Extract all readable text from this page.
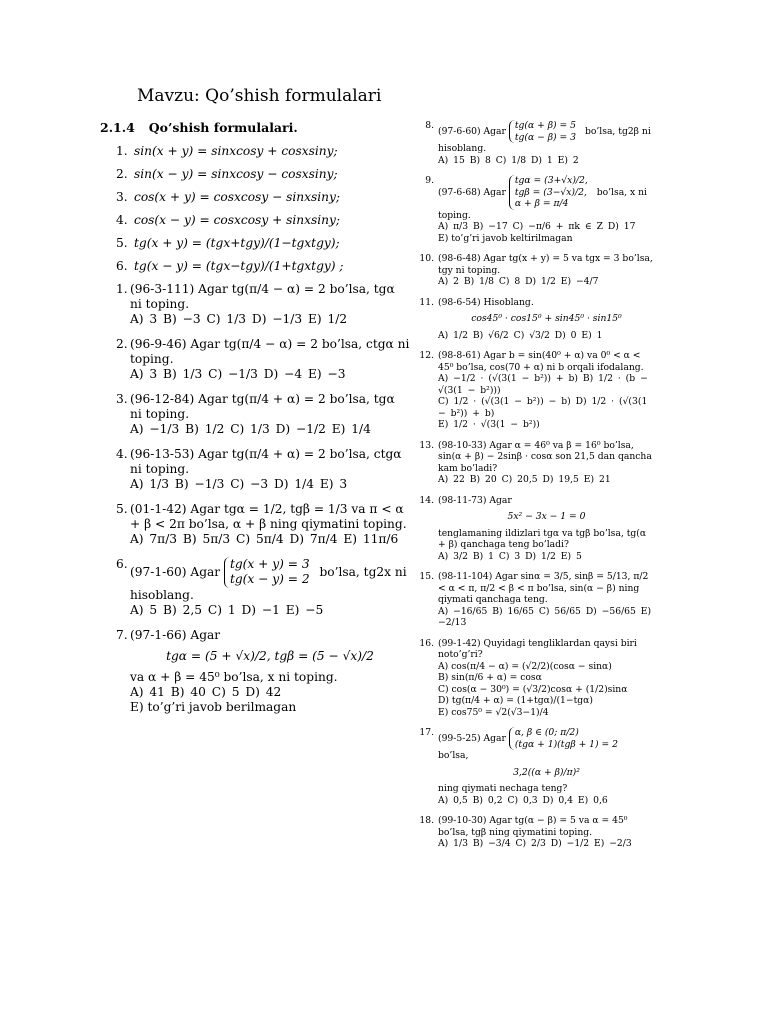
Mavzu: Qo’shish formulalari
2.1.4 Qo’shish formulalari.
1. sin(x + y) = sinxcosy + cosxsiny;
2. sin(x − y) = sinxcosy − cosxsiny;
3. cos(x + y) = cosxcosy − sinxsiny;
4. cos(x − y) = cosxcosy + sinxsiny;
5. tg(x + y) = (tgx+tgy)/(1−tgxtgy);
6. tg(x − y) = (tgx−tgy)/(1+tgxtgy) ;
1. (96-3-111) Agar tg(π/4 − α) = 2 bo’lsa, tgα ni toping.
A) 3 B) −3 C) 1/3 D) −1/3 E) 1/2
2. (96-9-46) Agar tg(π/4 − α) = 2 bo’lsa, ctgα ni toping.
A) 3 B) 1/3 C) −1/3 D) −4 E) −3
3. (96-12-84) Agar tg(π/4 + α) = 2 bo’lsa, tgα ni toping.
A) −1/3 B) 1/2 C) 1/3 D) −1/2 E) 1/4
4. (96-13-53) Agar tg(π/4 + α) = 2 bo’lsa, ctgα ni toping.
A) 1/3 B) −1/3 C) −3 D) 1/4 E) 3
5. (01-1-42) Agar tgα = 1/2, tgβ = 1/3 va π < α + β < 2π bo’lsa, α + β ning qiymatini toping.
A) 7π/3 B) 5π/3 C) 5π/4 D) 7π/4 E) 11π/6
6.
(97-1-60) Agar tg(x + y) = 3
tg(x − y) = 2 bo’lsa, tg2x ni hisoblang.
A) 5 B) 2,5 C) 1 D) −1 E) −5
7. (97-1-66) Agar
tgα = (5 + √x)/2, tgβ = (5 − √x)/2
va α + β = 45⁰ bo’lsa, x ni toping.
A) 41 B) 40 C) 5 D) 42
E) to’g’ri javob berilmagan
8.
(97-6-60) Agar tg(α + β) = 5
tg(α − β) = 3 bo’lsa, tg2β ni hisoblang.
A) 15 B) 8 C) 1/8 D) 1 E) 2
9.
(97-6-68) Agar tgα = (3+√x)/2,
tgβ = (3−√x)/2,
α + β = π/4 bo’lsa, x ni toping.
A) π/3 B) −17 C) −π/6 + πk ∈ Z D) 17
E) to’g’ri javob keltirilmagan
10. (98-6-48) Agar tg(x + y) = 5 va tgx = 3 bo’lsa, tgy ni toping.
A) 2 B) 1/8 C) 8 D) 1/2 E) −4/7
11. (98-6-54) Hisoblang.
cos45⁰ · cos15⁰ + sin45⁰ · sin15⁰
A) 1/2 B) √6/2 C) √3/2 D) 0 E) 1
12. (98-8-61) Agar b = sin(40⁰ + α) va 0⁰ < α < 45⁰ bo’lsa, cos(70 + α) ni b orqali ifodalang.
A) −1/2 · (√(3(1 − b²)) + b) B) 1/2 · (b − √(3(1 − b²)))
C) 1/2 · (√(3(1 − b²)) − b) D) 1/2 · (√(3(1 − b²)) + b)
E) 1/2 · √(3(1 − b²))
13. (98-10-33) Agar α = 46⁰ va β = 16⁰ bo’lsa, sin(α + β) − 2sinβ · cosα son 21,5 dan qancha kam bo’ladi?
A) 22 B) 20 C) 20,5 D) 19,5 E) 21
14. (98-11-73) Agar
5x² − 3x − 1 = 0
tenglamaning ildizlari tgα va tgβ bo’lsa, tg(α + β) qanchaga teng bo’ladi?
A) 3/2 B) 1 C) 3 D) 1/2 E) 5
15. (98-11-104) Agar sinα = 3/5, sinβ = 5/13, π/2 < α < π, π/2 < β < π bo’lsa, sin(α − β) ning qiymati qanchaga teng.
A) −16/65 B) 16/65 C) 56/65 D) −56/65 E) −2/13
16. (99-1-42) Quyidagi tengliklardan qaysi biri noto’g’ri?
A) cos(π/4 − α) = (√2/2)(cosα − sinα)
B) sin(π/6 + α) = cosα
C) cos(α − 30⁰) = (√3/2)cosα + (1/2)sinα
D) tg(π/4 + α) = (1+tgα)/(1−tgα)
E) cos75⁰ = √2(√3−1)/4
17.
(99-5-25) Agar α, β ∈ (0; π/2)
(tgα + 1)(tgβ + 1) = 2 bo’lsa,
3,2((α + β)/π)²
ning qiymati nechaga teng?
A) 0,5 B) 0,2 C) 0,3 D) 0,4 E) 0,6
18. (99-10-30) Agar tg(α − β) = 5 va α = 45⁰ bo’lsa, tgβ ning qiymatini toping.
A) 1/3 B) −3/4 C) 2/3 D) −1/2 E) −2/3
